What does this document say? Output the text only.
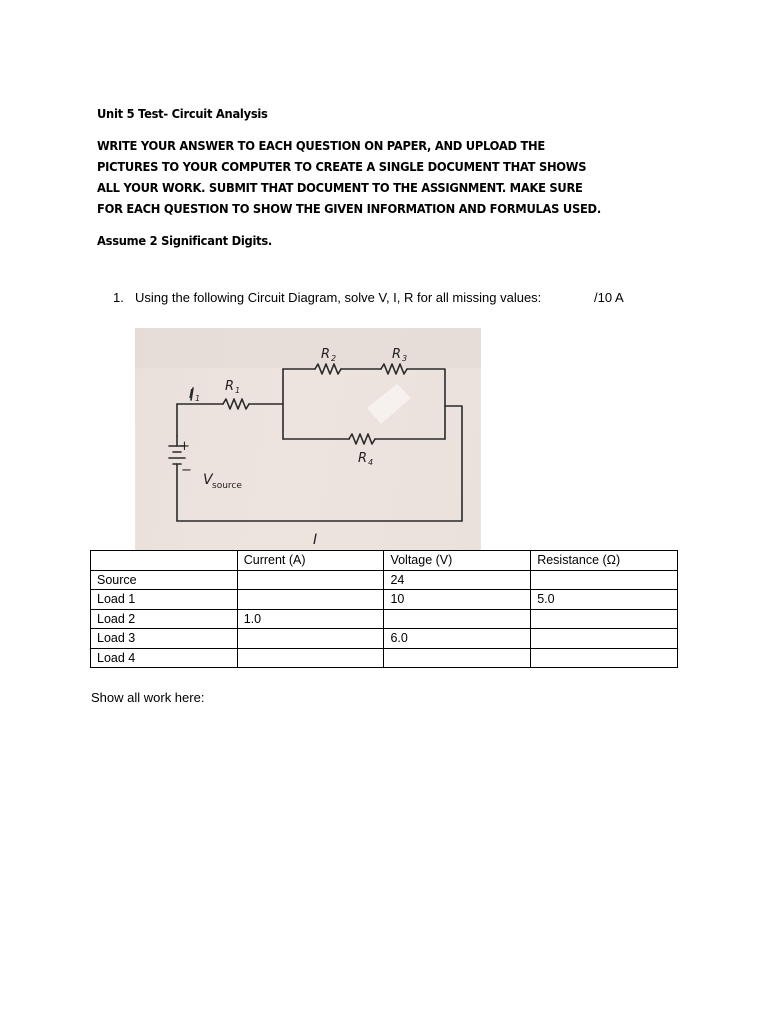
Unit 5 Test- Circuit Analysis
WRITE YOUR ANSWER TO EACH QUESTION ON PAPER, AND UPLOAD THE
PICTURES TO YOUR COMPUTER TO CREATE A SINGLE DOCUMENT THAT SHOWS
ALL YOUR WORK. SUBMIT THAT DOCUMENT TO THE ASSIGNMENT. MAKE SURE
FOR EACH QUESTION TO SHOW THE GIVEN INFORMATION AND FORMULAS USED.
Assume 2 Significant Digits.
1. Using the following Circuit Diagram, solve V, I, R for all missing values:	/10 A
R 2	R 3
R 1
I 1
R 4
V source
+
−
I
	Current (A)	Voltage (V)	Resistance (Ω)
Source		24	
Load 1		10	5.0
Load 2	1.0		
Load 3		6.0	
Load 4			
Show all work here:
